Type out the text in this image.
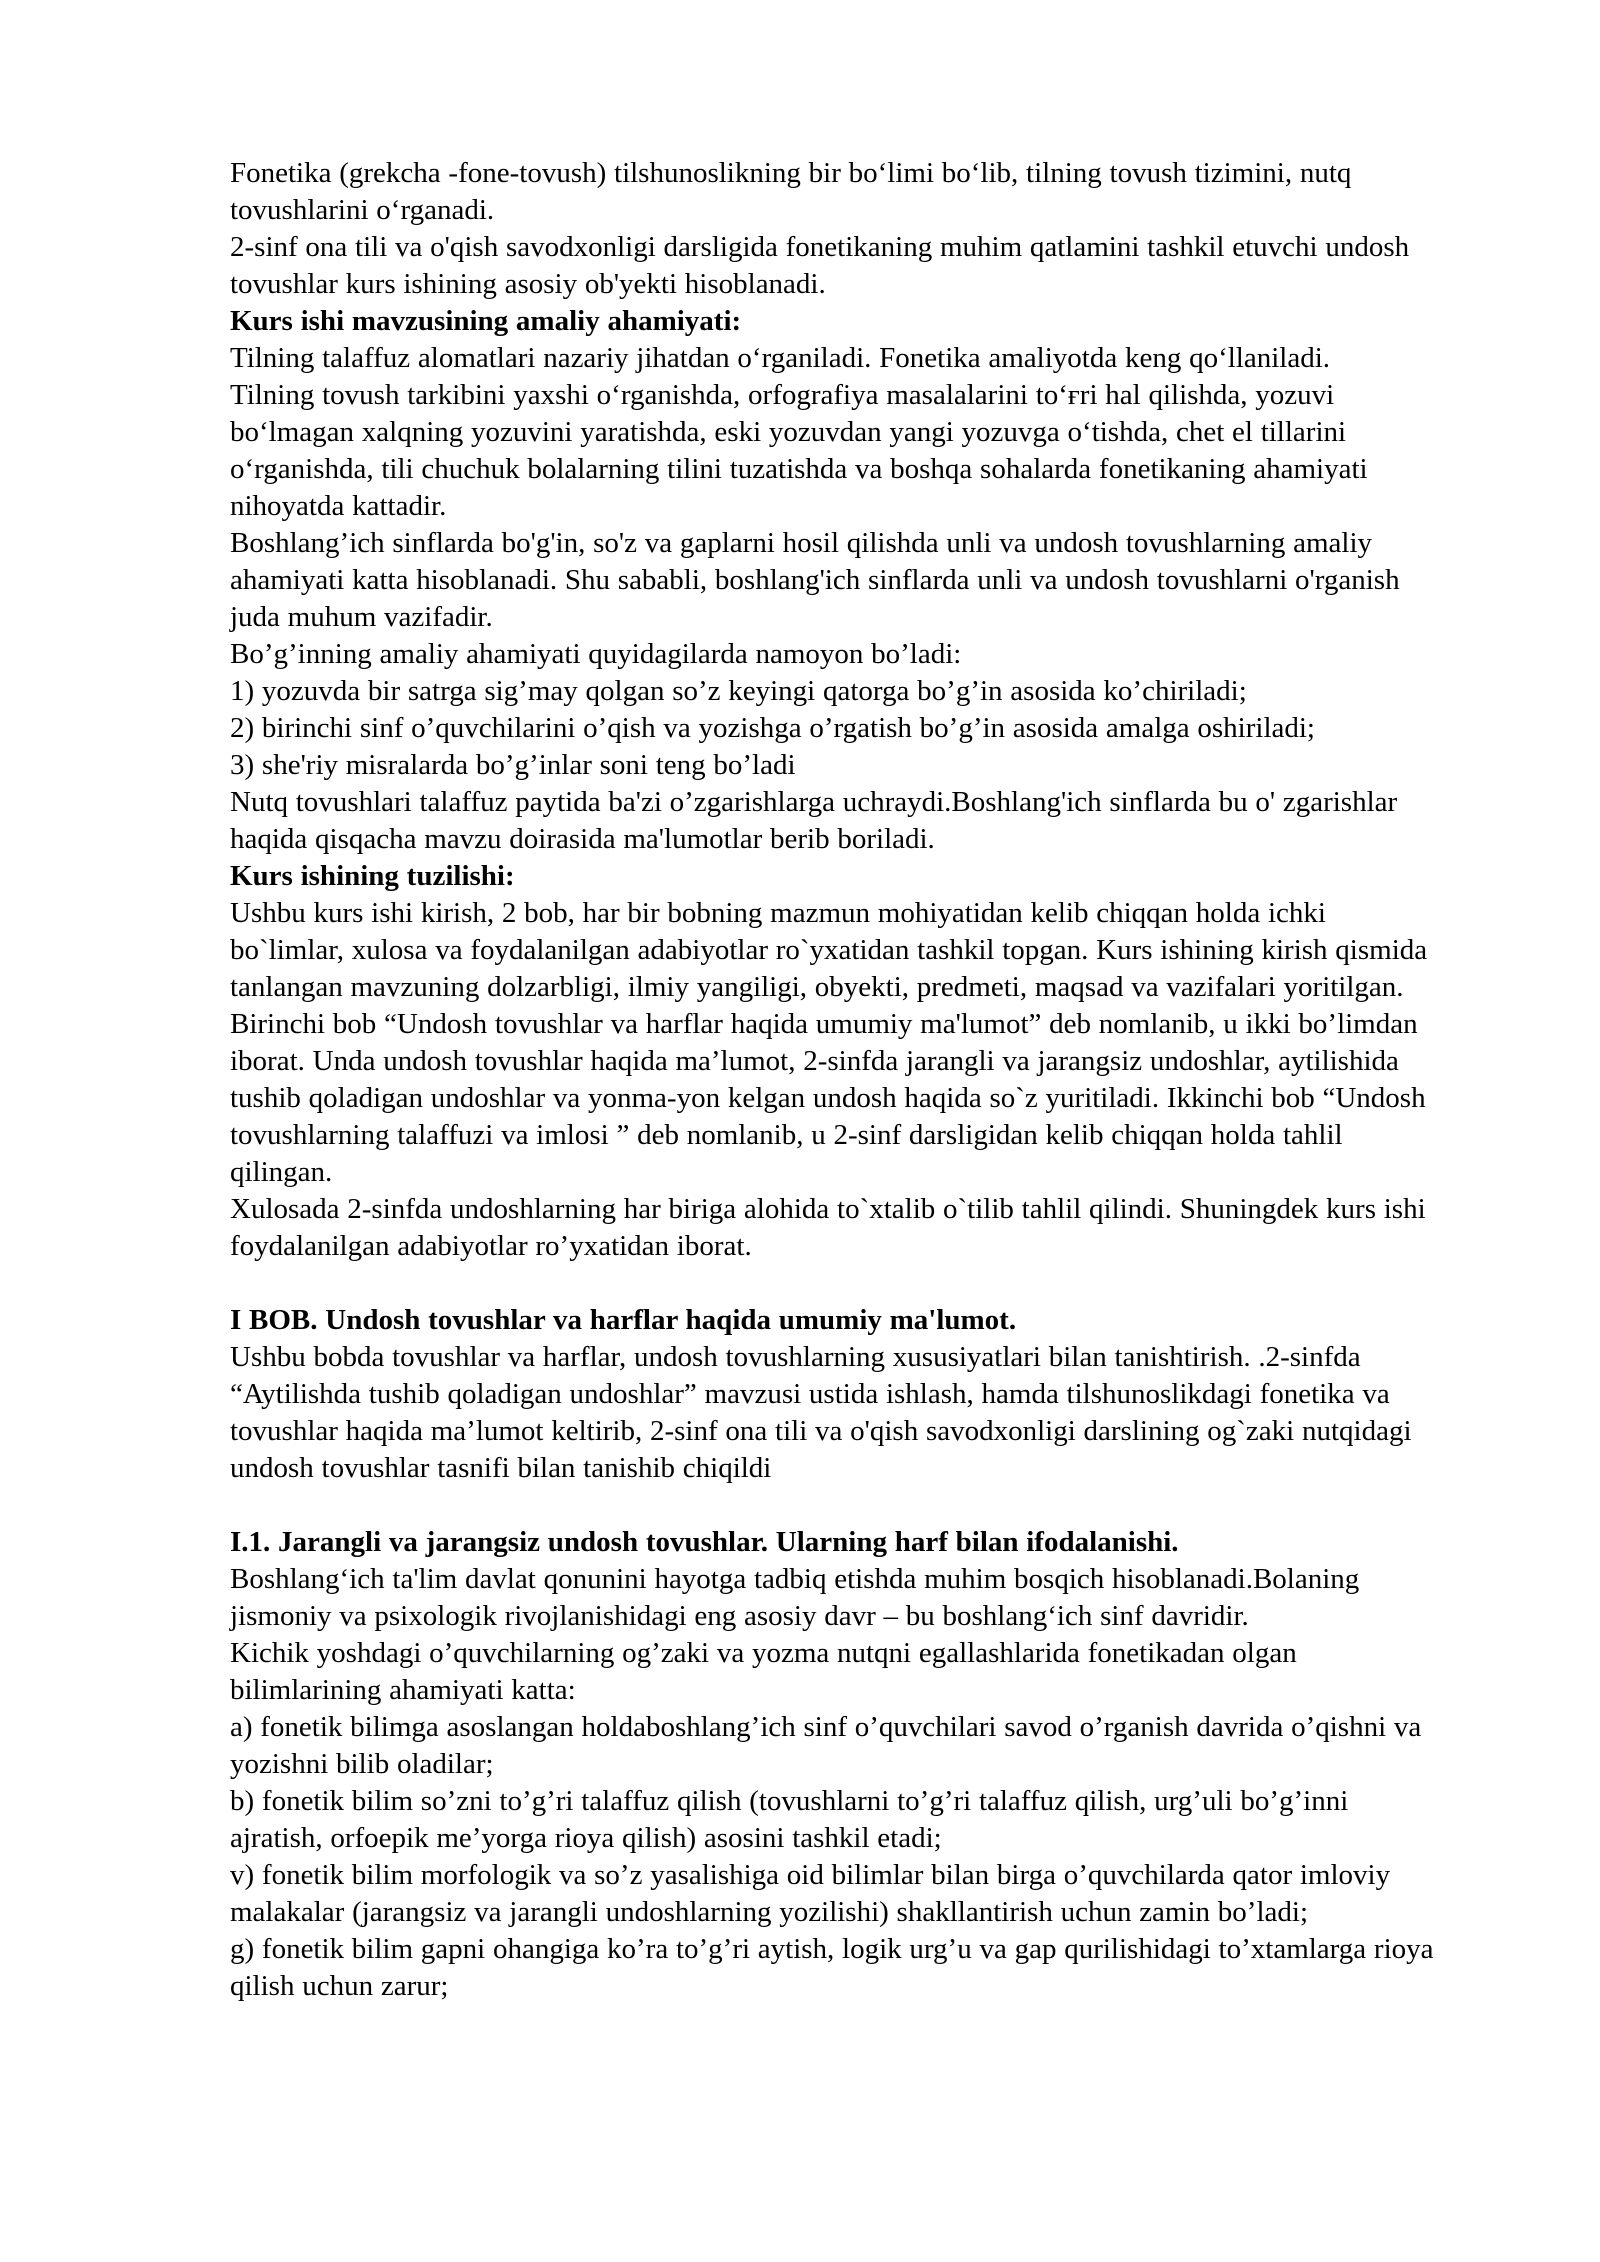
Fonetika (grekcha -fone-tovush) tilshunoslikning bir bo‘limi bo‘lib, tilning tovush tizimini, nutq tovushlarini o‘rganadi.

2-sinf ona tili va o'qish savodxonligi darsligida fonetikaning muhim qatlamini tashkil etuvchi undosh tovushlar kurs ishining asosiy ob'yekti hisoblanadi.

Kurs ishi mavzusining amaliy ahamiyati:

Tilning talaffuz alomatlari nazariy jihatdan o‘rganiladi. Fonetika amaliyotda keng qo‘llaniladi.

Tilning tovush tarkibini yaxshi o‘rganishda, orfografiya masalalarini to‘ғri hal qilishda, yozuvi bo‘lmagan xalqning yozuvini yaratishda, eski yozuvdan yangi yozuvga o‘tishda, chet el tillarini o‘rganishda, tili chuchuk bolalarning tilini tuzatishda va boshqa sohalarda fonetikaning ahamiyati nihoyatda kattadir.

Boshlang’ich sinflarda bo'g'in, so'z va gaplarni hosil qilishda unli va undosh tovushlarning amaliy ahamiyati katta hisoblanadi. Shu sababli, boshlang'ich sinflarda unli va undosh tovushlarni o'rganish juda muhum vazifadir.

Bo’g’inning amaliy ahamiyati quyidagilarda namoyon bo’ladi:

1) yozuvda bir satrga sig’may qolgan so’z keyingi qatorga bo’g’in asosida ko’chiriladi;

2) birinchi sinf o’quvchilarini o’qish va yozishga o’rgatish bo’g’in asosida amalga oshiriladi;

3) she'riy misralarda bo’g’inlar soni teng bo’ladi

Nutq tovushlari talaffuz paytida ba'zi o’zgarishlarga uchraydi.Boshlang'ich sinflarda bu o' zgarishlar haqida qisqacha mavzu doirasida ma'lumotlar berib boriladi.

Kurs ishining tuzilishi:

Ushbu kurs ishi kirish, 2 bob, har bir bobning mazmun mohiyatidan kelib chiqqan holda ichki bo`limlar, xulosa va foydalanilgan adabiyotlar ro`yxatidan tashkil topgan. Kurs ishining kirish qismida tanlangan mavzuning dolzarbligi, ilmiy yangiligi, obyekti, predmeti, maqsad va vazifalari yoritilgan.

Birinchi bob “Undosh tovushlar va harflar haqida umumiy ma'lumot” deb nomlanib, u ikki bo’limdan iborat. Unda undosh tovushlar haqida ma’lumot, 2-sinfda jarangli va jarangsiz undoshlar, aytilishida tushib qoladigan undoshlar va yonma-yon kelgan undosh haqida so`z yuritiladi. Ikkinchi bob “Undosh tovushlarning talaffuzi va imlosi ” deb nomlanib, u 2-sinf darsligidan kelib chiqqan holda tahlil qilingan.

Xulosada 2-sinfda undoshlarning har biriga alohida to`xtalib o`tilib tahlil qilindi. Shuningdek kurs ishi foydalanilgan adabiyotlar ro’yxatidan iborat.

I BOB. Undosh tovushlar va harflar haqida umumiy ma'lumot.

Ushbu bobda tovushlar va harflar, undosh tovushlarning xususiyatlari bilan tanishtirish. .2-sinfda “Aytilishda tushib qoladigan undoshlar” mavzusi ustida ishlash, hamda tilshunoslikdagi fonetika va tovushlar haqida ma’lumot keltirib, 2-sinf ona tili va o'qish savodxonligi darslining og`zaki nutqidagi undosh tovushlar tasnifi bilan tanishib chiqildi

I.1. Jarangli va jarangsiz undosh tovushlar. Ularning harf bilan ifodalanishi.

Boshlang‘ich ta'lim davlat qonunini hayotga tadbiq etishda muhim bosqich hisoblanadi.Bolaning jismoniy va psixologik rivojlanishidagi eng asosiy davr – bu boshlang‘ich sinf davridir.

Kichik yoshdagi o’quvchilarning og’zaki va yozma nutqni egallashlarida fonetikadan olgan bilimlarining ahamiyati katta:

a) fonetik bilimga asoslangan holdaboshlang’ich sinf o’quvchilari savod o’rganish davrida o’qishni va yozishni bilib oladilar;

b) fonetik bilim so’zni to’g’ri talaffuz qilish (tovushlarni to’g’ri talaffuz qilish, urg’uli bo’g’inni ajratish, orfoepik me’yorga rioya qilish) asosini tashkil etadi;

v) fonetik bilim morfologik va so’z yasalishiga oid bilimlar bilan birga o’quvchilarda qator imloviy malakalar (jarangsiz va jarangli undoshlarning yozilishi) shakllantirish uchun zamin bo’ladi;

g) fonetik bilim gapni ohangiga ko’ra to’g’ri aytish, logik urg’u va gap qurilishidagi to’xtamlarga rioya qilish uchun zarur;
